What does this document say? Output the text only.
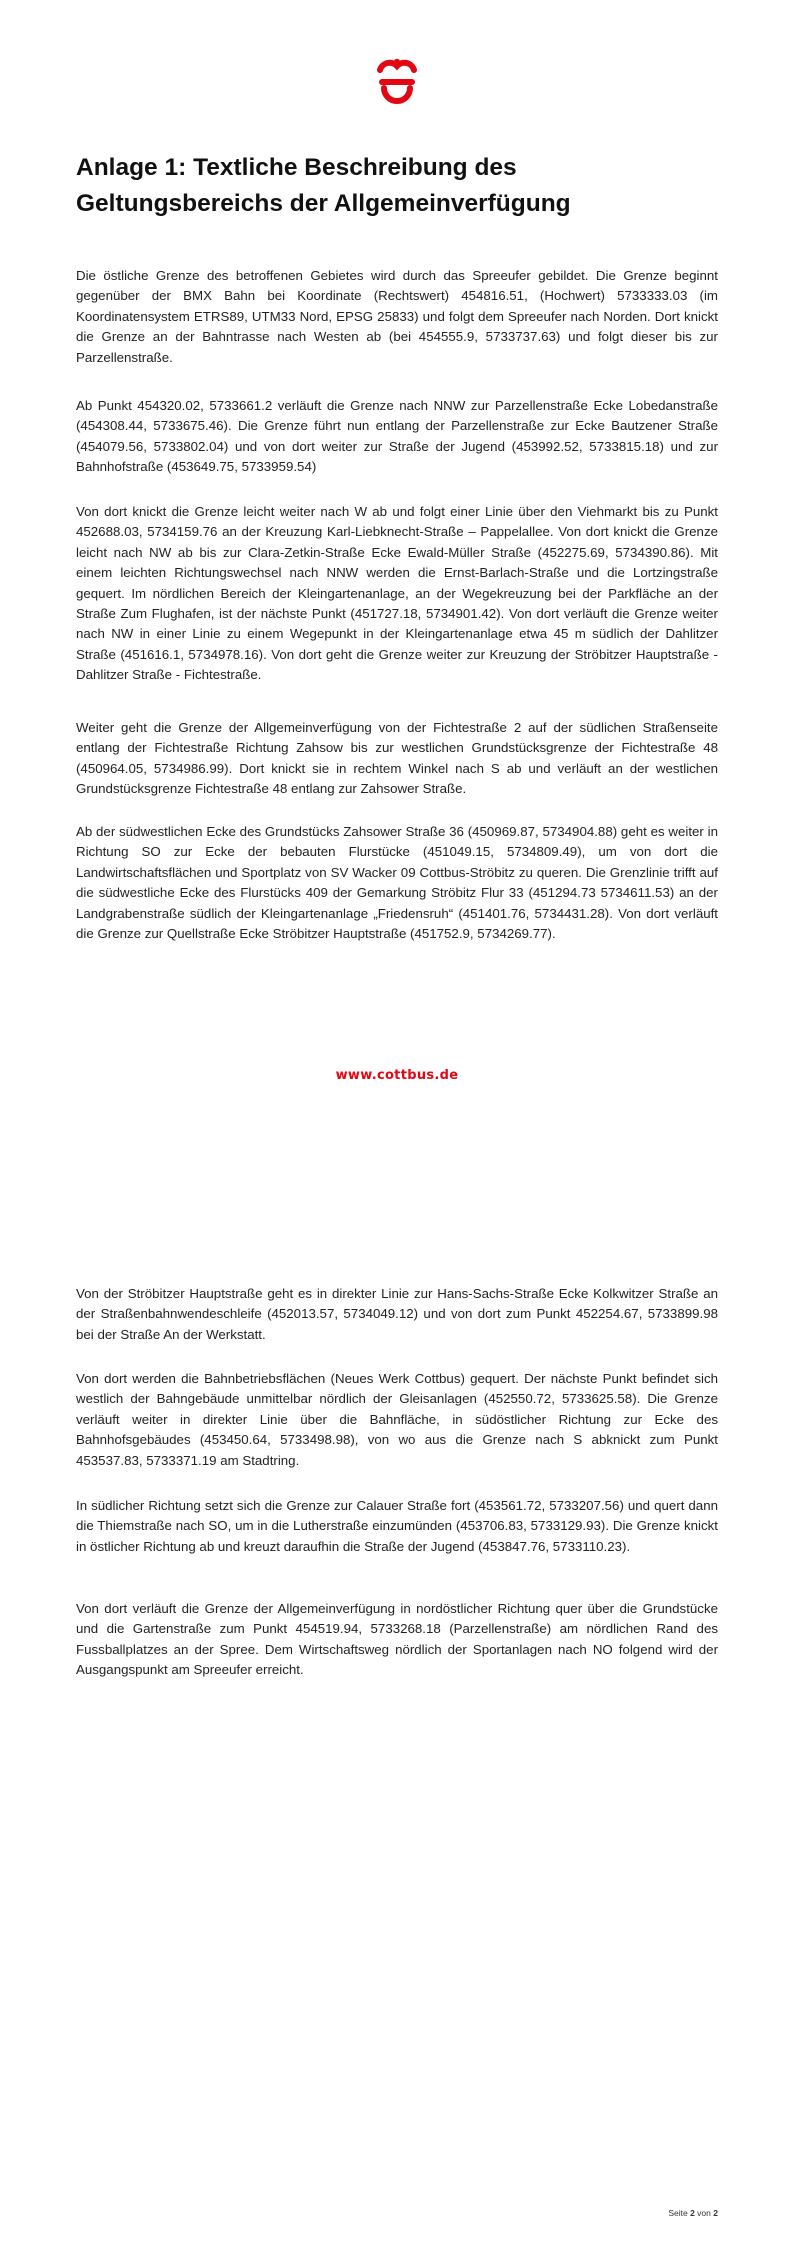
Anlage 1: Textliche Beschreibung des Geltungsbereichs der Allgemeinverfügung

Die östliche Grenze des betroffenen Gebietes wird durch das Spreeufer gebildet. Die Grenze beginnt gegenüber der BMX Bahn bei Koordinate (Rechtswert) 454816.51, (Hochwert) 5733333.03 (im Koordinatensystem ETRS89, UTM33 Nord, EPSG 25833) und folgt dem Spreeufer nach Norden. Dort knickt die Grenze an der Bahntrasse nach Westen ab (bei 454555.9, 5733737.63) und folgt dieser bis zur Parzellenstraße.

Ab Punkt 454320.02, 5733661.2 verläuft die Grenze nach NNW zur Parzellenstraße Ecke Lobedanstraße (454308.44, 5733675.46). Die Grenze führt nun entlang der Parzellenstraße zur Ecke Bautzener Straße (454079.56, 5733802.04) und von dort weiter zur Straße der Jugend (453992.52, 5733815.18) und zur Bahnhofstraße (453649.75, 5733959.54)

Von dort knickt die Grenze leicht weiter nach W ab und folgt einer Linie über den Viehmarkt bis zu Punkt 452688.03, 5734159.76 an der Kreuzung Karl-Liebknecht-Straße – Pappelallee. Von dort knickt die Grenze leicht nach NW ab bis zur Clara-Zetkin-Straße Ecke Ewald-Müller Straße (452275.69, 5734390.86). Mit einem leichten Richtungswechsel nach NNW werden die Ernst-Barlach-Straße und die Lortzingstraße gequert. Im nördlichen Bereich der Kleingartenanlage, an der Wegekreuzung bei der Parkfläche an der Straße Zum Flughafen, ist der nächste Punkt (451727.18, 5734901.42). Von dort verläuft die Grenze weiter nach NW in einer Linie zu einem Wegepunkt in der Kleingartenanlage etwa 45 m südlich der Dahlitzer Straße (451616.1, 5734978.16). Von dort geht die Grenze weiter zur Kreuzung der Ströbitzer Hauptstraße - Dahlitzer Straße - Fichtestraße.

Weiter geht die Grenze der Allgemeinverfügung von der Fichtestraße 2 auf der südlichen Straßenseite entlang der Fichtestraße Richtung Zahsow bis zur westlichen Grundstücksgrenze der Fichtestraße 48 (450964.05, 5734986.99). Dort knickt sie in rechtem Winkel nach S ab und verläuft an der westlichen Grundstücksgrenze Fichtestraße 48 entlang zur Zahsower Straße.

Ab der südwestlichen Ecke des Grundstücks Zahsower Straße 36 (450969.87, 5734904.88) geht es weiter in Richtung SO zur Ecke der bebauten Flurstücke (451049.15, 5734809.49), um von dort die Landwirtschaftsflächen und Sportplatz von SV Wacker 09 Cottbus-Ströbitz zu queren. Die Grenzlinie trifft auf die südwestliche Ecke des Flurstücks 409 der Gemarkung Ströbitz Flur 33 (451294.73 5734611.53) an der Landgrabenstraße südlich der Kleingartenanlage „Friedensruh“ (451401.76, 5734431.28). Von dort verläuft die Grenze zur Quellstraße Ecke Ströbitzer Hauptstraße (451752.9, 5734269.77).

www.cottbus.de

Von der Ströbitzer Hauptstraße geht es in direkter Linie zur Hans-Sachs-Straße Ecke Kolkwitzer Straße an der Straßenbahnwendeschleife (452013.57, 5734049.12) und von dort zum Punkt 452254.67, 5733899.98 bei der Straße An der Werkstatt.

Von dort werden die Bahnbetriebsflächen (Neues Werk Cottbus) gequert. Der nächste Punkt befindet sich westlich der Bahngebäude unmittelbar nördlich der Gleisanlagen (452550.72, 5733625.58). Die Grenze verläuft weiter in direkter Linie über die Bahnfläche, in südöstlicher Richtung zur Ecke des Bahnhofsgebäudes (453450.64, 5733498.98), von wo aus die Grenze nach S abknickt zum Punkt 453537.83, 5733371.19 am Stadtring.

In südlicher Richtung setzt sich die Grenze zur Calauer Straße fort (453561.72, 5733207.56) und quert dann die Thiemstraße nach SO, um in die Lutherstraße einzumünden (453706.83, 5733129.93). Die Grenze knickt in östlicher Richtung ab und kreuzt daraufhin die Straße der Jugend (453847.76, 5733110.23).

Von dort verläuft die Grenze der Allgemeinverfügung in nordöstlicher Richtung quer über die Grundstücke und die Gartenstraße zum Punkt 454519.94, 5733268.18 (Parzellenstraße) am nördlichen Rand des Fussballplatzes an der Spree. Dem Wirtschaftsweg nördlich der Sportanlagen nach NO folgend wird der Ausgangspunkt am Spreeufer erreicht.

Seite 2 von 2
